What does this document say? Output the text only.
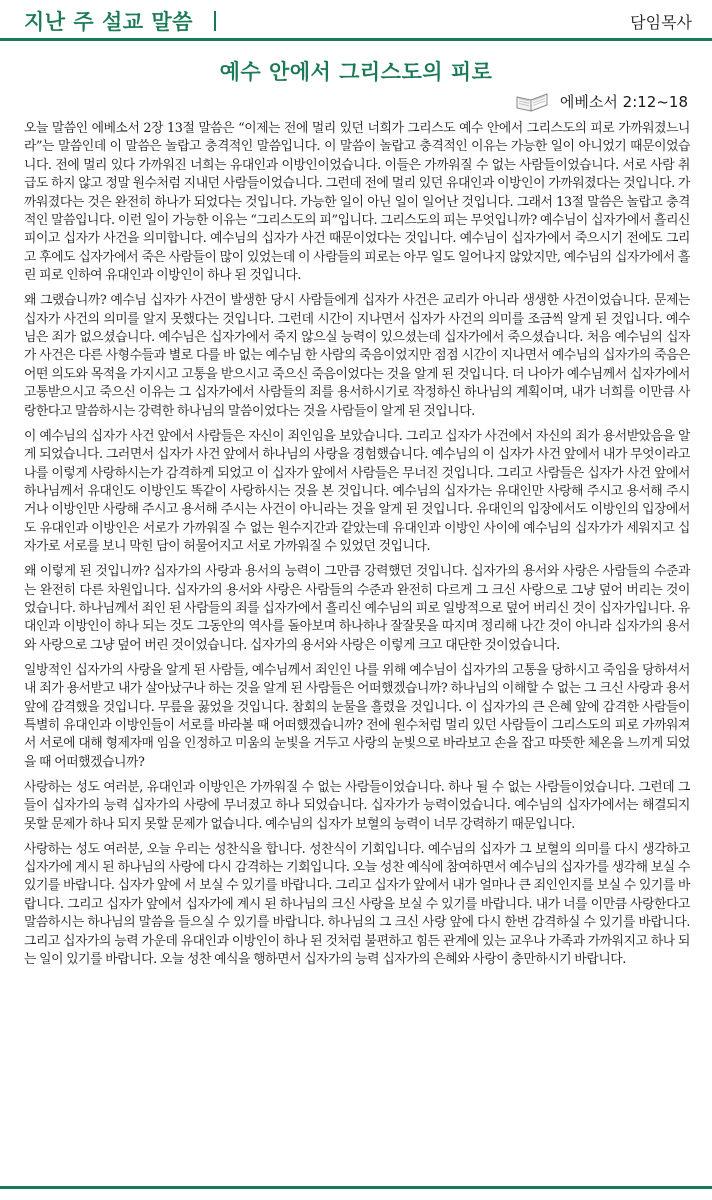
지난 주 설교 말씀	담임목사
예수 안에서 그리스도의 피로
에베소서 2:12~18

오늘 말씀인 에베소서 2장 13절 말씀은 “이제는 전에 멀리 있던 너희가 그리스도 예수 안에서 그리스도의 피로 가까워졌느니라”는 말씀인데 이 말씀은 놀랍고 충격적인 말씀입니다. 이 말씀이 놀랍고 충격적인 이유는 가능한 일이 아니었기 때문이었습니다. 전에 멀리 있다 가까워진 너희는 유대인과 이방인이었습니다. 이들은 가까워질 수 없는 사람들이었습니다. 서로 사람 취급도 하지 않고 정말 원수처럼 지내던 사람들이었습니다. 그런데 전에 멀리 있던 유대인과 이방인이 가까워졌다는 것입니다. 가까워졌다는 것은 완전히 하나가 되었다는 것입니다. 가능한 일이 아닌 일이 일어난 것입니다. 그래서 13절 말씀은 놀랍고 충격적인 말씀입니다. 이런 일이 가능한 이유는 “그리스도의 피”입니다. 그리스도의 피는 무엇입니까? 예수님이 십자가에서 흘리신 피이고 십자가 사건을 의미합니다. 예수님의 십자가 사건 때문이었다는 것입니다. 예수님이 십자가에서 죽으시기 전에도 그리고 후에도 십자가에서 죽은 사람들이 많이 있었는데 이 사람들의 피로는 아무 일도 일어나지 않았지만, 예수님의 십자가에서 흘린 피로 인하여 유대인과 이방인이 하나 된 것입니다.

왜 그랬습니까? 예수님 십자가 사건이 발생한 당시 사람들에게 십자가 사건은 교리가 아니라 생생한 사건이었습니다. 문제는 십자가 사건의 의미를 알지 못했다는 것입니다. 그런데 시간이 지나면서 십자가 사건의 의미를 조금씩 알게 된 것입니다. 예수님은 죄가 없으셨습니다. 예수님은 십자가에서 죽지 않으실 능력이 있으셨는데 십자가에서 죽으셨습니다. 처음 예수님의 십자가 사건은 다른 사형수들과 별로 다를 바 없는 예수님 한 사람의 죽음이었지만 점점 시간이 지나면서 예수님의 십자가의 죽음은 어떤 의도와 목적을 가지시고 고통을 받으시고 죽으신 죽음이었다는 것을 알게 된 것입니다. 더 나아가 예수님께서 십자가에서 고통받으시고 죽으신 이유는 그 십자가에서 사람들의 죄를 용서하시기로 작정하신 하나님의 계획이며, 내가 너희를 이만큼 사랑한다고 말씀하시는 강력한 하나님의 말씀이었다는 것을 사람들이 알게 된 것입니다.

이 예수님의 십자가 사건 앞에서 사람들은 자신이 죄인임을 보았습니다. 그리고 십자가 사건에서 자신의 죄가 용서받았음을 알게 되었습니다. 그러면서 십자가 사건 앞에서 하나님의 사랑을 경험했습니다. 예수님의 이 십자가 사건 앞에서 내가 무엇이라고 나를 이렇게 사랑하시는가 감격하게 되었고 이 십자가 앞에서 사람들은 무너진 것입니다. 그리고 사람들은 십자가 사건 앞에서 하나님께서 유대인도 이방인도 똑같이 사랑하시는 것을 본 것입니다. 예수님의 십자가는 유대인만 사랑해 주시고 용서해 주시거나 이방인만 사랑해 주시고 용서해 주시는 사건이 아니라는 것을 알게 된 것입니다. 유대인의 입장에서도 이방인의 입장에서도 유대인과 이방인은 서로가 가까워질 수 없는 원수지간과 같았는데 유대인과 이방인 사이에 예수님의 십자가가 세워지고 십자가로 서로를 보니 막힌 담이 허물어지고 서로 가까워질 수 있었던 것입니다.

왜 이렇게 된 것입니까? 십자가의 사랑과 용서의 능력이 그만큼 강력했던 것입니다. 십자가의 용서와 사랑은 사람들의 수준과는 완전히 다른 차원입니다. 십자가의 용서와 사랑은 사람들의 수준과 완전히 다르게 그 크신 사랑으로 그냥 덮어 버리는 것이었습니다. 하나님께서 죄인 된 사람들의 죄를 십자가에서 흘리신 예수님의 피로 일방적으로 덮어 버리신 것이 십자가입니다. 유대인과 이방인이 하나 되는 것도 그동안의 역사를 돌아보며 하나하나 잘잘못을 따지며 정리해 나간 것이 아니라 십자가의 용서와 사랑으로 그냥 덮어 버린 것이었습니다. 십자가의 용서와 사랑은 이렇게 크고 대단한 것이었습니다.

일방적인 십자가의 사랑을 알게 된 사람들, 예수님께서 죄인인 나를 위해 예수님이 십자가의 고통을 당하시고 죽임을 당하셔서 내 죄가 용서받고 내가 살아났구나 하는 것을 알게 된 사람들은 어떠했겠습니까? 하나님의 이해할 수 없는 그 크신 사랑과 용서 앞에 감격했을 것입니다. 무릎을 꿇었을 것입니다. 참회의 눈물을 흘렸을 것입니다. 이 십자가의 큰 은혜 앞에 감격한 사람들이 특별히 유대인과 이방인들이 서로를 바라볼 때 어떠했겠습니까? 전에 원수처럼 멀리 있던 사람들이 그리스도의 피로 가까워져서 서로에 대해 형제자매 임을 인정하고 미움의 눈빛을 거두고 사랑의 눈빛으로 바라보고 손을 잡고 따뜻한 체온을 느끼게 되었을 때 어떠했겠습니까?

사랑하는 성도 여러분, 유대인과 이방인은 가까워질 수 없는 사람들이었습니다. 하나 될 수 없는 사람들이었습니다. 그런데 그들이 십자가의 능력 십자가의 사랑에 무너졌고 하나 되었습니다. 십자가가 능력이었습니다. 예수님의 십자가에서는 해결되지 못할 문제가 하나 되지 못할 문제가 없습니다. 예수님의 십자가 보혈의 능력이 너무 강력하기 때문입니다.

사랑하는 성도 여러분, 오늘 우리는 성찬식을 합니다. 성찬식이 기회입니다. 예수님의 십자가 그 보혈의 의미를 다시 생각하고 십자가에 계시 된 하나님의 사랑에 다시 감격하는 기회입니다. 오늘 성찬 예식에 참여하면서 예수님의 십자가를 생각해 보실 수 있기를 바랍니다. 십자가 앞에 서 보실 수 있기를 바랍니다. 그리고 십자가 앞에서 내가 얼마나 큰 죄인인지를 보실 수 있기를 바랍니다. 그리고 십자가 앞에서 십자가에 계시 된 하나님의 크신 사랑을 보실 수 있기를 바랍니다. 내가 너를 이만큼 사랑한다고 말씀하시는 하나님의 말씀을 들으실 수 있기를 바랍니다. 하나님의 그 크신 사랑 앞에 다시 한번 감격하실 수 있기를 바랍니다. 그리고 십자가의 능력 가운데 유대인과 이방인이 하나 된 것처럼 불편하고 힘든 관계에 있는 교우나 가족과 가까워지고 하나 되는 일이 있기를 바랍니다. 오늘 성찬 예식을 행하면서 십자가의 능력 십자가의 은혜와 사랑이 충만하시기 바랍니다.
